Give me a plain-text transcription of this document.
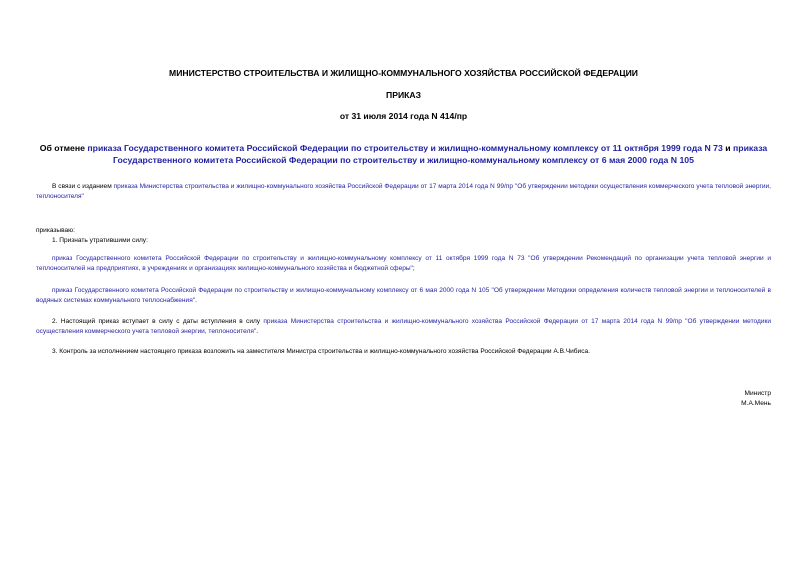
МИНИСТЕРСТВО СТРОИТЕЛЬСТВА И ЖИЛИЩНО-КОММУНАЛЬНОГО ХОЗЯЙСТВА РОССИЙСКОЙ ФЕДЕРАЦИИ
ПРИКАЗ
от 31 июля 2014 года N 414/пр
Об отмене приказа Государственного комитета Российской Федерации по строительству и жилищно-коммунальному комплексу от 11 октября 1999 года N 73 и приказа Государственного комитета Российской Федерации по строительству и жилищно-коммунальному комплексу от 6 мая 2000 года N 105
В связи с изданием приказа Министерства строительства и жилищно-коммунального хозяйства Российской Федерации от 17 марта 2014 года N 99/пр "Об утверждении методики осуществления коммерческого учета тепловой энергии, теплоносителя"
приказываю:
1. Признать утратившими силу:
приказ Государственного комитета Российской Федерации по строительству и жилищно-коммунальному комплексу от 11 октября 1999 года N 73 "Об утверждении Рекомендаций по организации учета тепловой энергии и теплоносителей на предприятиях, в учреждениях и организациях жилищно-коммунального хозяйства и бюджетной сферы";
приказ Государственного комитета Российской Федерации по строительству и жилищно-коммунальному комплексу от 6 мая 2000 года N 105 "Об утверждении Методики определения количеств тепловой энергии и теплоносителей в водяных системах коммунального теплоснабжения".
2. Настоящий приказ вступает в силу с даты вступления в силу приказа Министерства строительства и жилищно-коммунального хозяйства Российской Федерации от 17 марта 2014 года N 99/пр "Об утверждении методики осуществления коммерческого учета тепловой энергии, теплоносителя".
3. Контроль за исполнением настоящего приказа возложить на заместителя Министра строительства и жилищно-коммунального хозяйства Российской Федерации А.В.Чибиса.
Министр
М.А.Мень
